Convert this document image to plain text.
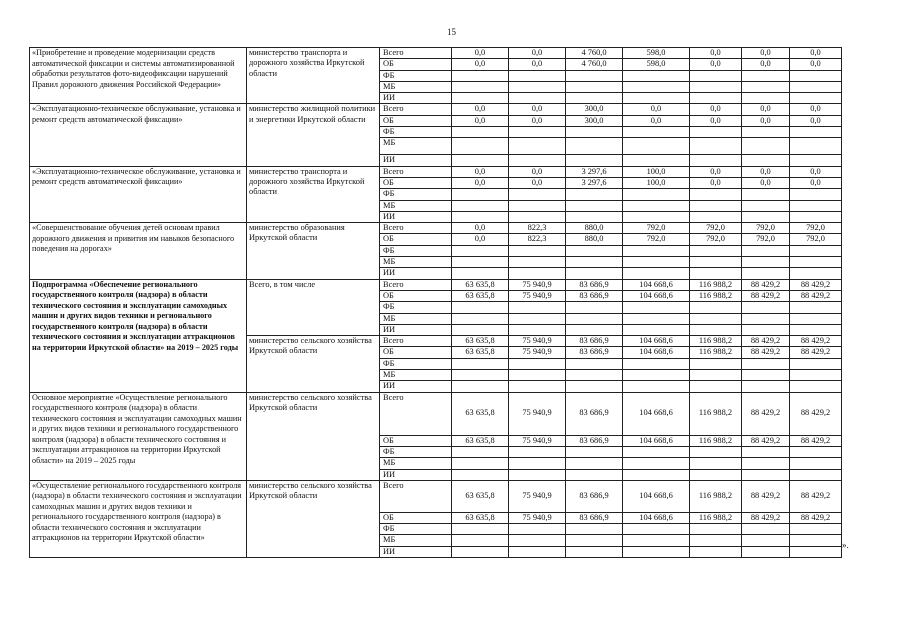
15
«Приобретение и проведение модернизации средств автоматической фиксации и системы автоматизированной обработки результатов фото-видеофиксации нарушений Правил дорожного движения Российской Федерации»	министерство транспорта и дорожного хозяйства Иркутской области	Всего	0,0	0,0	4 760,0	598,0	0,0	0,0	0,0
		ОБ	0,0	0,0	4 760,0	598,0	0,0	0,0	0,0
		ФБ							
		МБ							
		ИИ							
«Эксплуатационно-техническое обслуживание, установка и ремонт средств автоматической фиксации»	министерство жилищной политики и энергетики Иркутской области	Всего	0,0	0,0	300,0	0,0	0,0	0,0	0,0
		ОБ	0,0	0,0	300,0	0,0	0,0	0,0	0,0
		ФБ							
		МБ							
		ИИ							
«Эксплуатационно-техническое обслуживание, установка и ремонт средств автоматической фиксации»	министерство транспорта и дорожного хозяйства Иркутской области	Всего	0,0	0,0	3 297,6	100,0	0,0	0,0	0,0
		ОБ	0,0	0,0	3 297,6	100,0	0,0	0,0	0,0
		ФБ							
		МБ							
		ИИ							
«Совершенствование обучения детей основам правил дорожного движения и привития им навыков безопасного поведения на дорогах»	министерство образования Иркутской области	Всего	0,0	822,3	880,0	792,0	792,0	792,0	792,0
		ОБ	0,0	822,3	880,0	792,0	792,0	792,0	792,0
		ФБ							
		МБ							
		ИИ							
Подпрограмма «Обеспечение регионального государственного контроля (надзора) в области технического состояния и эксплуатации самоходных машин и других видов техники и регионального государственного контроля (надзора) в области технического состояния и эксплуатации аттракционов на территории Иркутской области» на 2019 – 2025 годы	Всего, в том числе	Всего	63 635,8	75 940,9	83 686,9	104 668,6	116 988,2	88 429,2	88 429,2
		ОБ	63 635,8	75 940,9	83 686,9	104 668,6	116 988,2	88 429,2	88 429,2
		ФБ							
		МБ							
		ИИ							
	министерство сельского хозяйства Иркутской области	Всего	63 635,8	75 940,9	83 686,9	104 668,6	116 988,2	88 429,2	88 429,2
		ОБ	63 635,8	75 940,9	83 686,9	104 668,6	116 988,2	88 429,2	88 429,2
		ФБ							
		МБ							
		ИИ							
Основное мероприятие «Осуществление регионального государственного контроля (надзора) в области технического состояния и эксплуатации самоходных машин и других видов техники и регионального государственного контроля (надзора) в области технического состояния и эксплуатации аттракционов на территории Иркутской области» на 2019 – 2025 годы	министерство сельского хозяйства Иркутской области	Всего	63 635,8	75 940,9	83 686,9	104 668,6	116 988,2	88 429,2	88 429,2
		ОБ	63 635,8	75 940,9	83 686,9	104 668,6	116 988,2	88 429,2	88 429,2
		ФБ							
		МБ							
		ИИ							
«Осуществление регионального государственного контроля (надзора) в области технического состояния и эксплуатации самоходных машин и других видов техники и регионального государственного контроля (надзора) в области технического состояния и эксплуатации аттракционов на территории Иркутской области»	министерство сельского хозяйства Иркутской области	Всего	63 635,8	75 940,9	83 686,9	104 668,6	116 988,2	88 429,2	88 429,2
		ОБ	63 635,8	75 940,9	83 686,9	104 668,6	116 988,2	88 429,2	88 429,2
		ФБ							
		МБ							
		ИИ							
».
